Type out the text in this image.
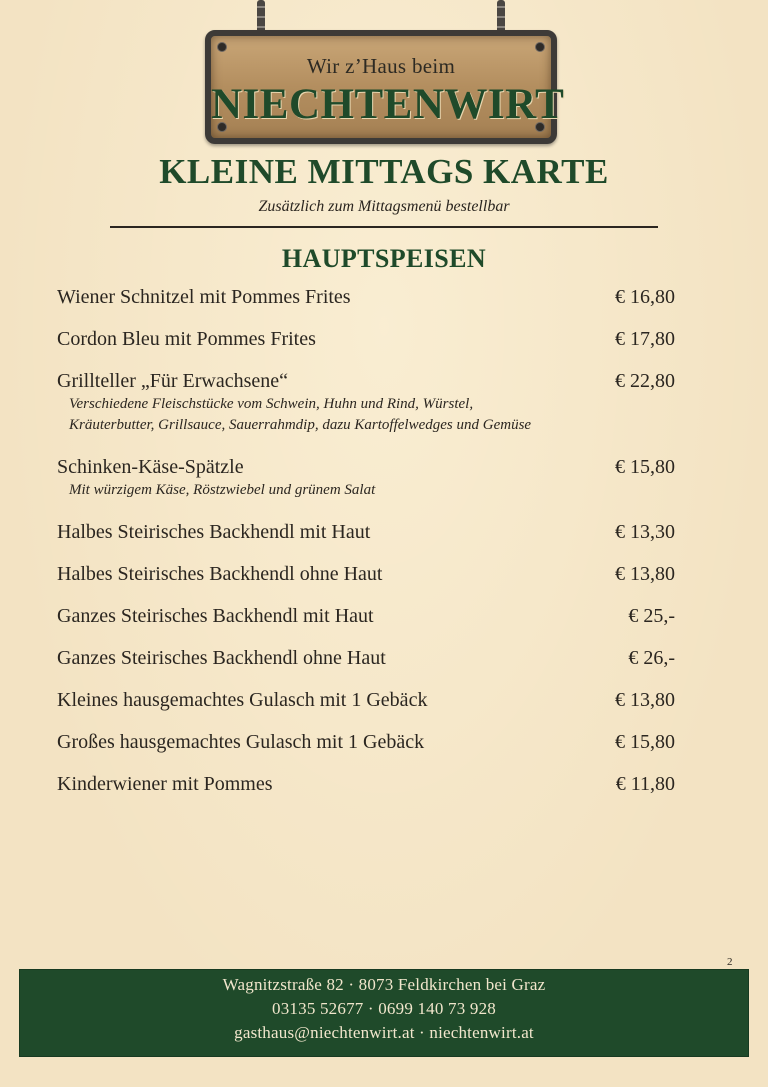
Wir z’Haus beim
NIECHTENWIRT
KLEINE MITTAGS KARTE
Zusätzlich zum Mittagsmenü bestellbar
HAUPTSPEISEN
Wiener Schnitzel mit Pommes Frites	€ 16,80
Cordon Bleu mit Pommes Frites	€ 17,80
Grillteller „Für Erwachsene“	€ 22,80
Verschiedene Fleischstücke vom Schwein, Huhn und Rind, Würstel,
Kräuterbutter, Grillsauce, Sauerrahmdip, dazu Kartoffelwedges und Gemüse
Schinken-Käse-Spätzle	€ 15,80
Mit würzigem Käse, Röstzwiebel und grünem Salat
Halbes Steirisches Backhendl mit Haut	€ 13,30
Halbes Steirisches Backhendl ohne Haut	€ 13,80
Ganzes Steirisches Backhendl mit Haut	€ 25,-
Ganzes Steirisches Backhendl ohne Haut	€ 26,-
Kleines hausgemachtes Gulasch mit 1 Gebäck	€ 13,80
Großes hausgemachtes Gulasch mit 1 Gebäck	€ 15,80
Kinderwiener mit Pommes	€ 11,80
2
Wagnitzstraße 82 · 8073 Feldkirchen bei Graz
03135 52677 · 0699 140 73 928
gasthaus@niechtenwirt.at · niechtenwirt.at
